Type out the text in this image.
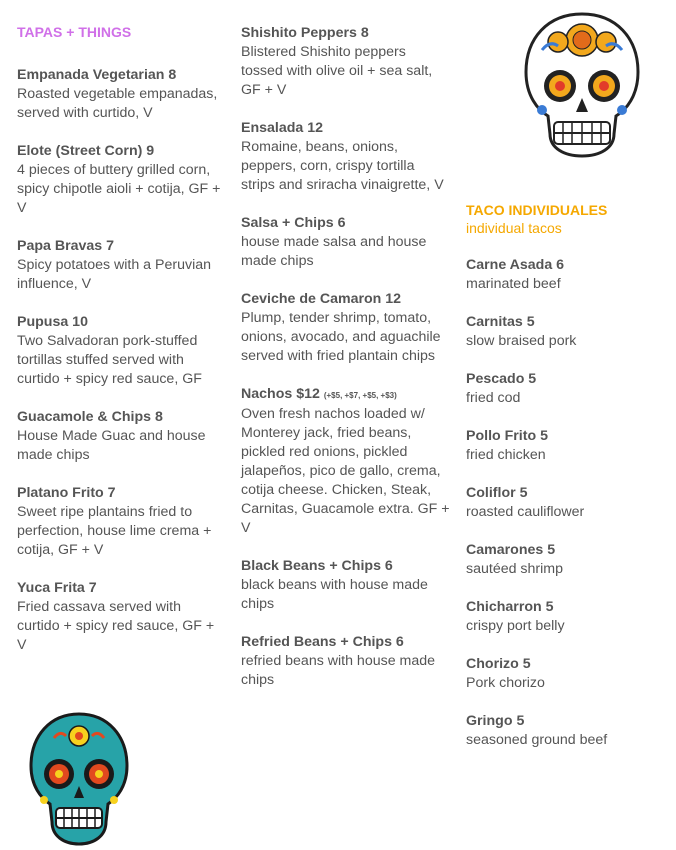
TAPAS + THINGS
Empanada Vegetarian 8
Roasted vegetable empanadas, served with curtido, V
Elote (Street Corn) 9
4 pieces of buttery grilled corn, spicy chipotle aioli + cotija, GF + V
Papa Bravas 7
Spicy potatoes with a Peruvian influence, V
Pupusa 10
Two Salvadoran pork-stuffed tortillas stuffed served with curtido + spicy red sauce, GF
Guacamole & Chips 8
House Made Guac and house made chips
Platano Frito 7
Sweet ripe plantains fried to perfection, house lime crema + cotija, GF + V
Yuca Frita 7
Fried cassava served with curtido + spicy red sauce, GF + V
Shishito Peppers 8
Blistered Shishito peppers tossed with olive oil + sea salt, GF + V
Ensalada 12
Romaine, beans, onions, peppers, corn, crispy tortilla strips and sriracha vinaigrette, V
Salsa + Chips 6
house made salsa and house made chips
Ceviche de Camaron 12
Plump, tender shrimp, tomato, onions, avocado, and aguachile served with fried plantain chips
Nachos $12 (+$5, +$7, +$5, +$3)
Oven fresh nachos loaded w/ Monterey jack, fried beans, pickled red onions, pickled jalapeños, pico de gallo, crema, cotija cheese. Chicken, Steak, Carnitas, Guacamole extra. GF + V
Black Beans + Chips 6
black beans with house made chips
Refried Beans + Chips 6
refried beans with house made chips
TACO INDIVIDUALES
individual tacos
Carne Asada 6
marinated beef
Carnitas 5
slow braised pork
Pescado 5
fried cod
Pollo Frito 5
fried chicken
Coliflor 5
roasted cauliflower
Camarones 5
sautéed shrimp
Chicharron 5
crispy port belly
Chorizo 5
Pork chorizo
Gringo 5
seasoned ground beef
